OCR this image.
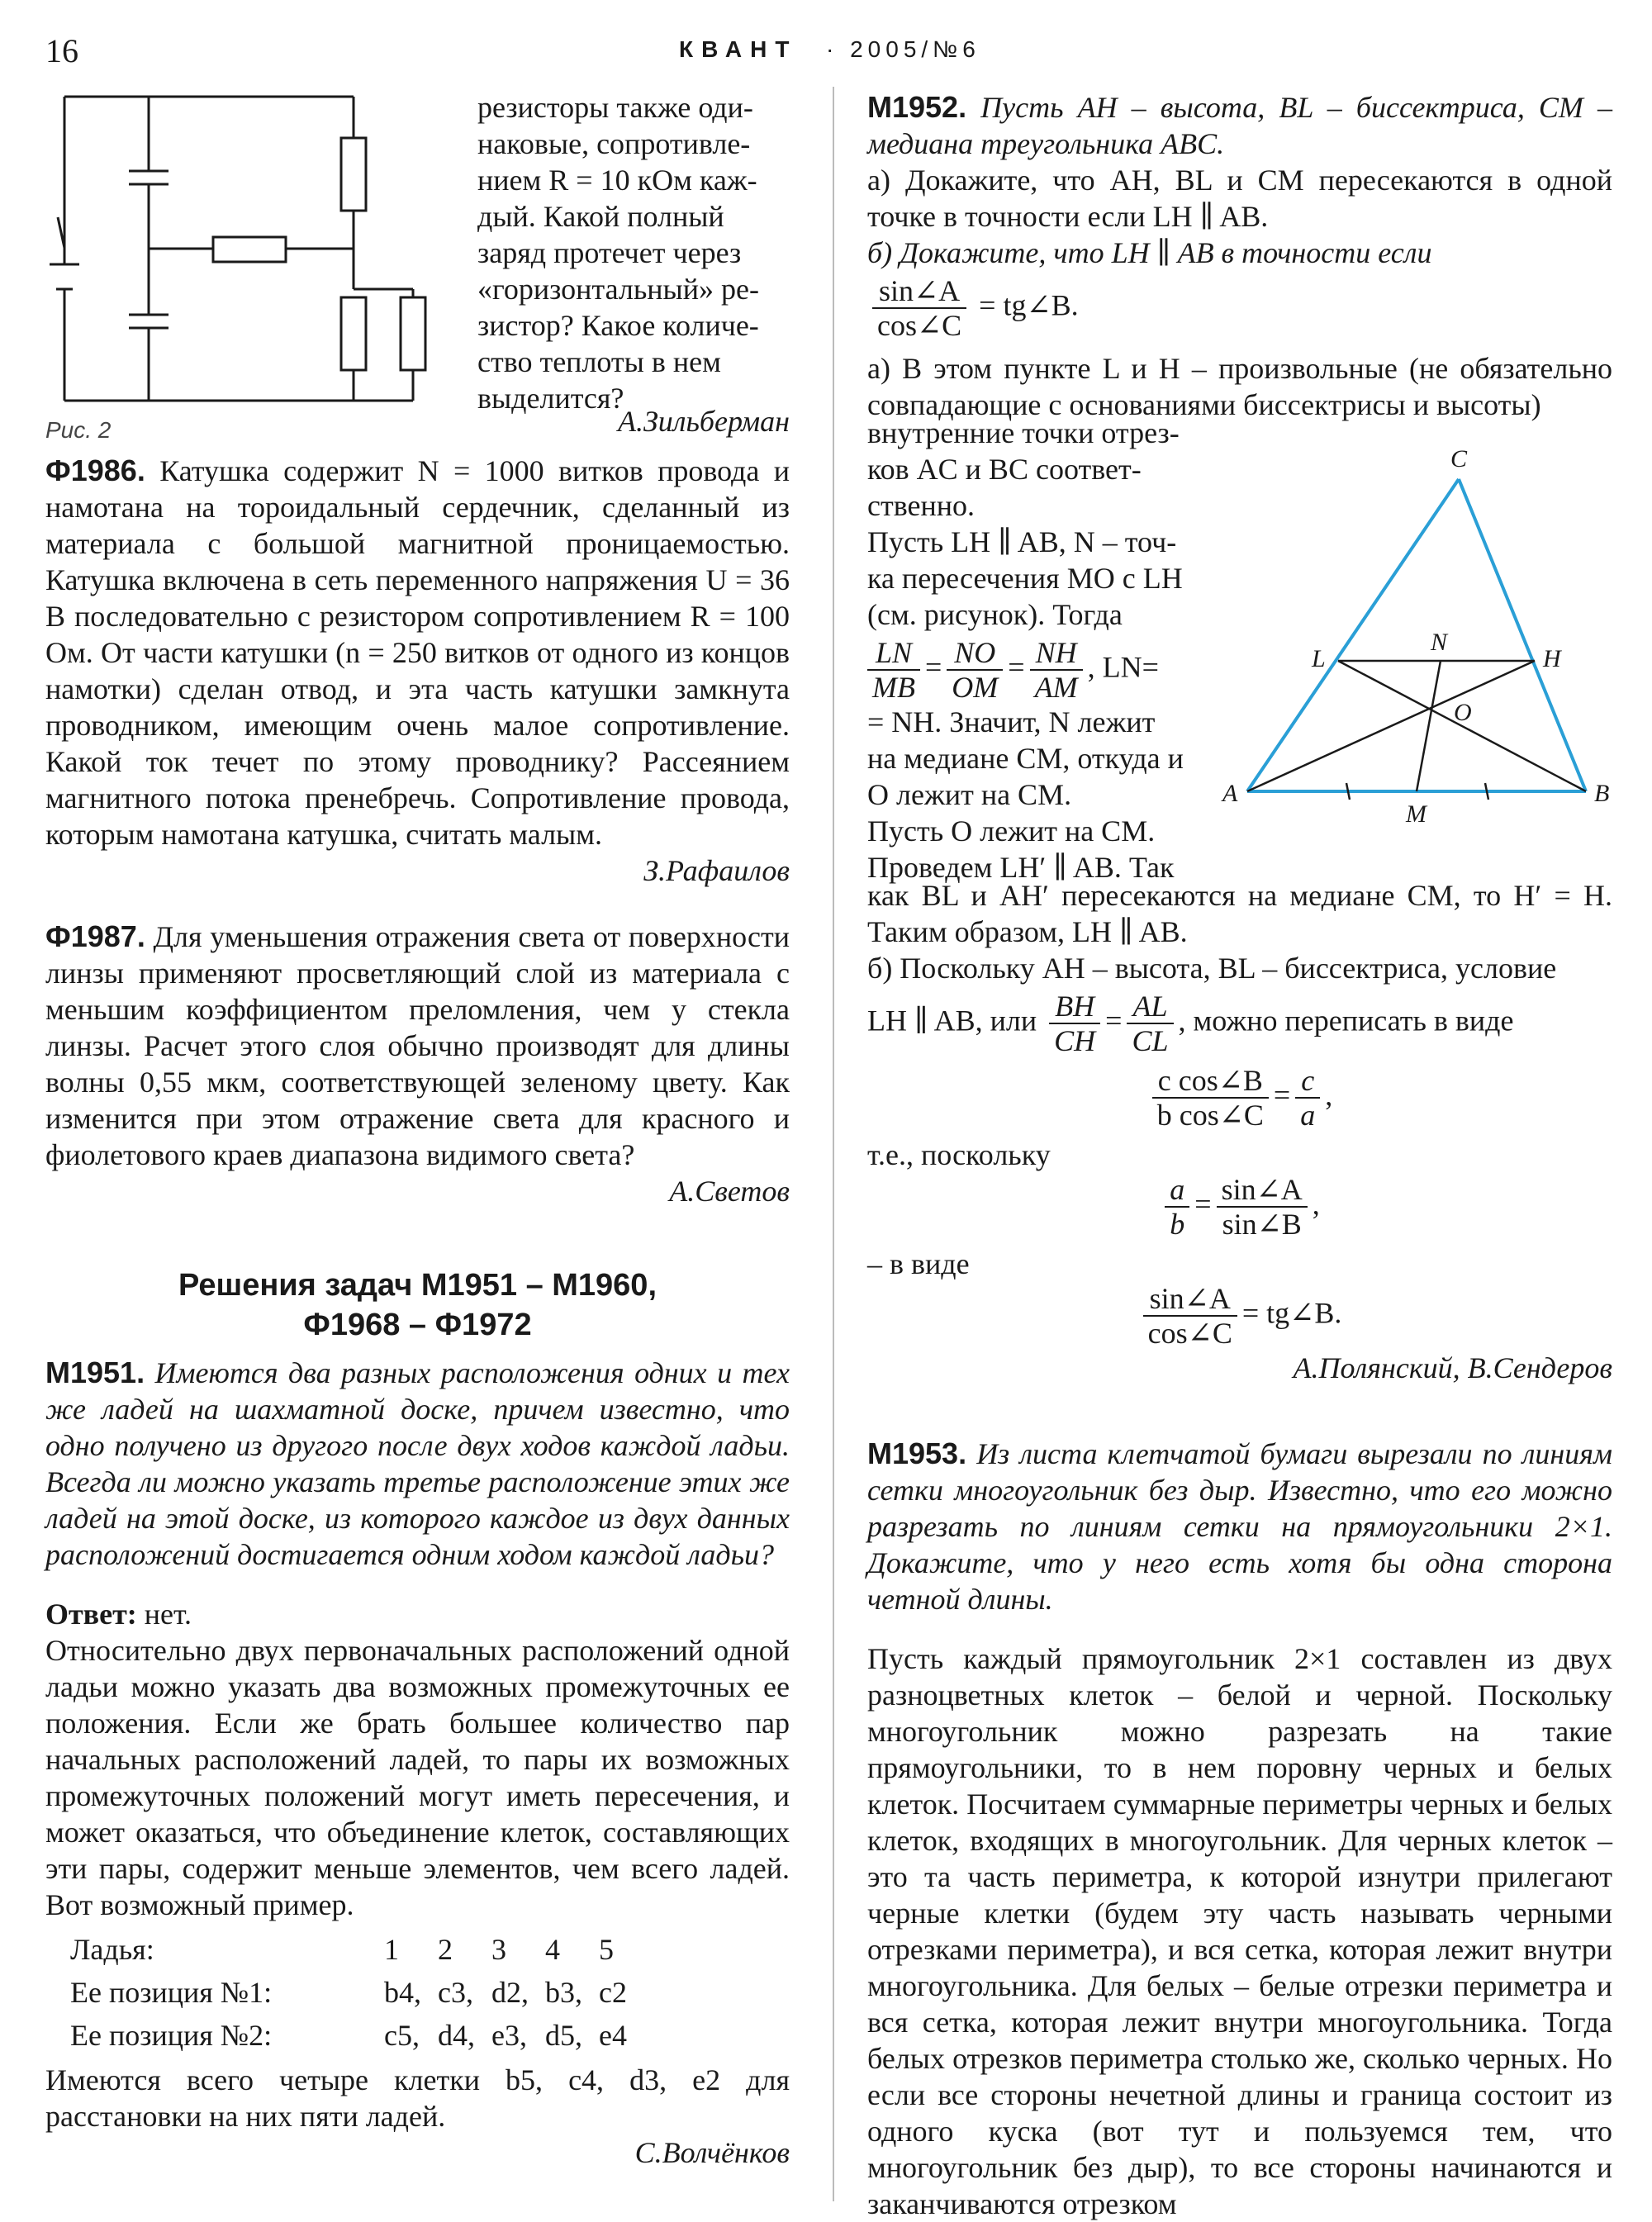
16	КВАНТ · 2005/№6
Рис. 2

резисторы также оди-

наковые, сопротивле-

нием R = 10 кОм каж-

дый. Какой полный

заряд протечет через

«горизонтальный» ре-

зистор? Какое количе-

ство теплоты в нем

выделится?

А.Зильберман

Ф1986. Катушка содержит N = 1000 витков провода и намотана на тороидальный сердечник, сделанный из материала с большой магнитной проницаемостью. Катушка включена в сеть переменного напряжения U = 36 В последовательно с резистором сопротивлением R = 100 Ом. От части катушки (n = 250 витков от одного из концов намотки) сделан отвод, и эта часть катушки замкнута проводником, имеющим очень малое сопротивление. Какой ток течет по этому проводнику? Рассеянием магнитного потока пренебречь. Сопротивление провода, которым намотана катушка, считать малым.

З.Рафаилов

Ф1987. Для уменьшения отражения света от поверхности линзы применяют просветляющий слой из материала с меньшим коэффициентом преломления, чем у стекла линзы. Расчет этого слоя обычно производят для длины волны 0,55 мкм, соответствующей зеленому цвету. Как изменится при этом отражение света для красного и фиолетового краев диапазона видимого света?

А.Светов

Решения задач М1951 – М1960,
Ф1968 – Ф1972

М1951. Имеются два разных расположения одних и тех же ладей на шахматной доске, причем известно, что одно получено из другого после двух ходов каждой ладьи. Всегда ли можно указать третье расположение этих же ладей на этой доске, из которого каждое из двух данных расположений достигается одним ходом каждой ладьи?

Ответ: нет.

Относительно двух первоначальных расположений одной ладьи можно указать два возможных промежуточных ее положения. Если же брать большее количество пар начальных расположений ладей, то пары их возможных промежуточных положений могут иметь пересечения, и может оказаться, что объединение клеток, составляющих эти пары, содержит меньше элементов, чем всего ладей. Вот возможный пример.

Ладья:	1	2	3	4	5
Ее позиция №1:	b4,	c3,	d2,	b3,	c2
Ее позиция №2:	c5,	d4,	e3,	d5,	e4

Имеются всего четыре клетки b5, c4, d3, e2 для расстановки на них пяти ладей.

С.Волчёнков

М1952. Пусть AH – высота, BL – биссектриса, CM – медиана треугольника ABC.

а) Докажите, что AH, BL и CM пересекаются в одной точке в точности если LH ∥ AB.

б) Докажите, что LH ∥ AB в точности если

$\frac{\sin\angle A}{\cos\angle C}$ = tg∠B.

а) В этом пункте L и H – произвольные (не обязательно совпадающие с основаниями биссектрисы и высоты)

внутренние точки отрез-

ков AC и BC соответ-

ственно.

Пусть LH ∥ AB, N – точ-

ка пересечения MO с LH

(см. рисунок). Тогда

$\frac{LN}{MB} = \frac{NO}{OM} = \frac{NH}{AM}$ , LN=

= NH. Значит, N лежит

на медиане CM, откуда и

O лежит на CM.

Пусть O лежит на CM.

Проведем LH′ ∥ AB. Так

C
A	B
L	H
N
O
M

как BL и AH′ пересекаются на медиане CM, то H′ = H. Таким образом, LH ∥ AB.

б) Поскольку AH – высота, BL – биссектриса, условие

LH ∥ AB, или $\frac{BH}{CH} = \frac{AL}{CL}$ , можно переписать в виде

$\frac{\text{c cos∠B}}{\text{b cos∠C}} = \frac{c}{a}$ ,

т.е., поскольку

$\frac{a}{b} = \frac{\sin\angle A}{\sin\angle B}$ ,

– в виде

$\frac{\sin\angle A}{\cos\angle C}$ = tg∠B.

А.Полянский, В.Сендеров

М1953. Из листа клетчатой бумаги вырезали по линиям сетки многоугольник без дыр. Известно, что его можно разрезать по линиям сетки на прямоугольники 2×1. Докажите, что у него есть хотя бы одна сторона четной длины.

Пусть каждый прямоугольник 2×1 составлен из двух разноцветных клеток – белой и черной. Поскольку многоугольник можно разрезать на такие прямоугольники, то в нем поровну черных и белых клеток. Посчитаем суммарные периметры черных и белых клеток, входящих в многоугольник. Для черных клеток – это та часть периметра, к которой изнутри прилегают черные клетки (будем эту часть называть черными отрезками периметра), и вся сетка, которая лежит внутри многоугольника. Для белых – белые отрезки периметра и вся сетка, которая лежит внутри многоугольника. Тогда белых отрезков периметра столько же, сколько черных. Но если все стороны нечетной длины и граница состоит из одного куска (вот тут и пользуемся тем, что многоугольник без дыр), то все стороны начинаются и заканчиваются отрезком
